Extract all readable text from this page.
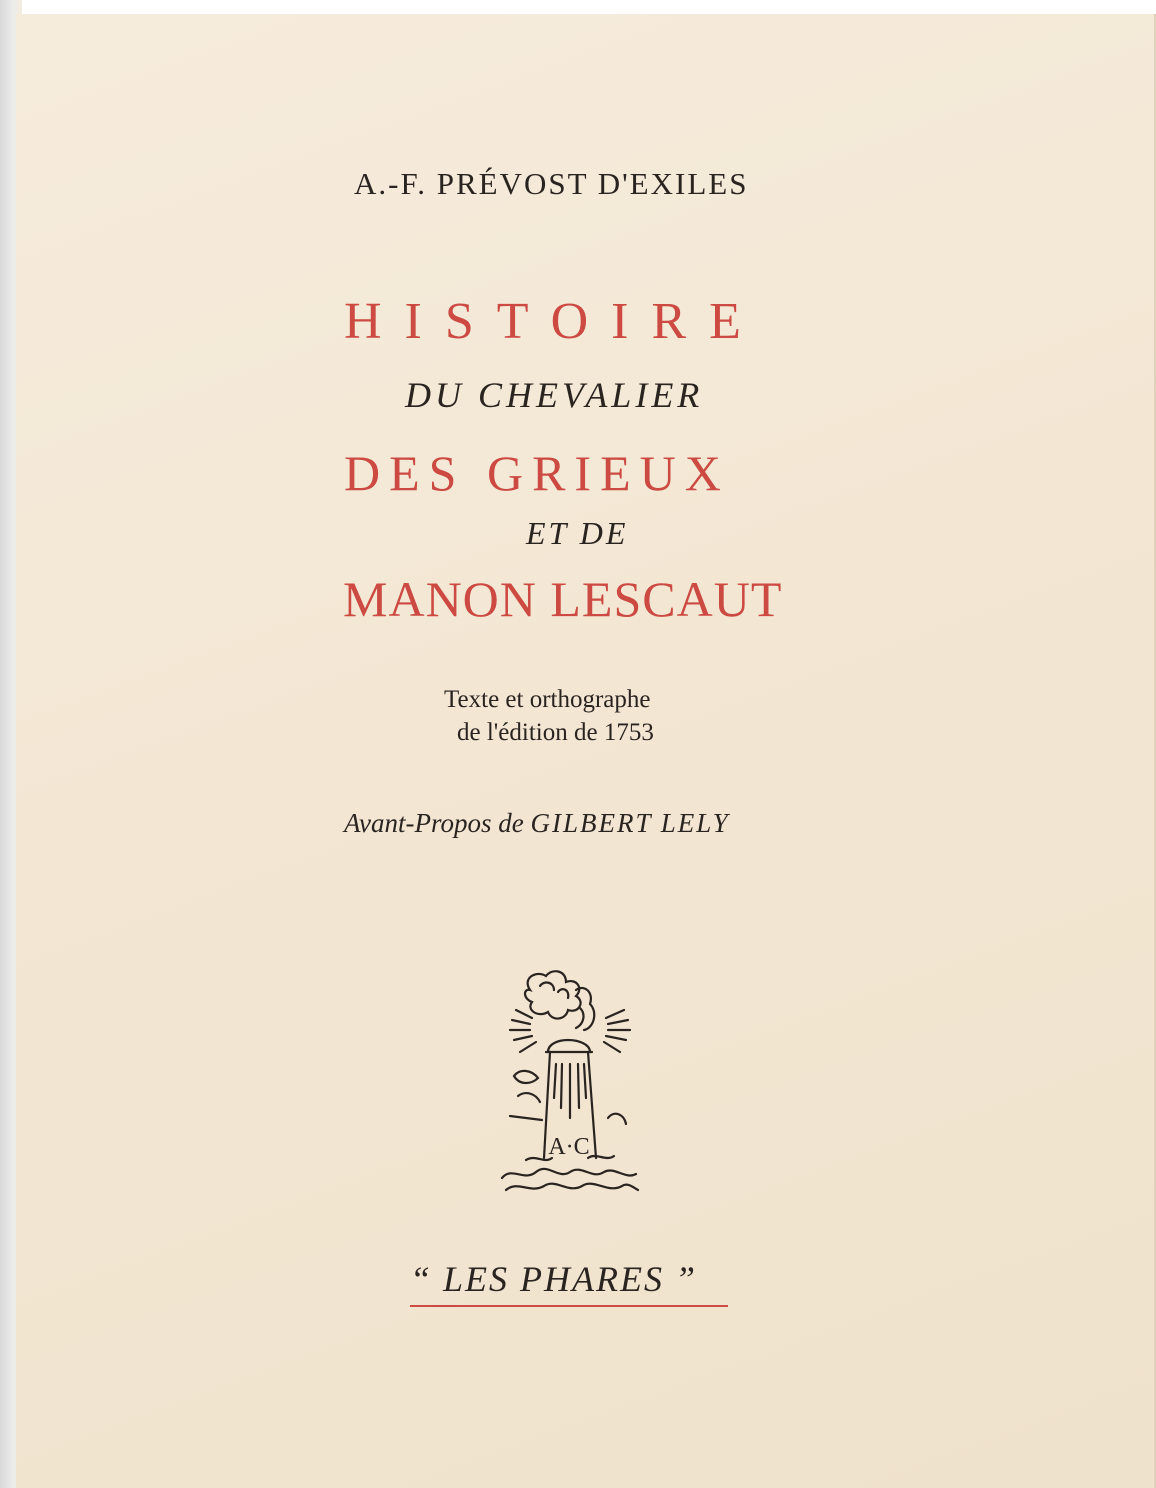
A.-F. PRÉVOST D'EXILES
HISTOIRE
DU CHEVALIER
DES GRIEUX
ET DE
MANON LESCAUT
Texte et orthographe
de l'édition de 1753
Avant-Propos de GILBERT LELY
A·C
“ LES PHARES ”
